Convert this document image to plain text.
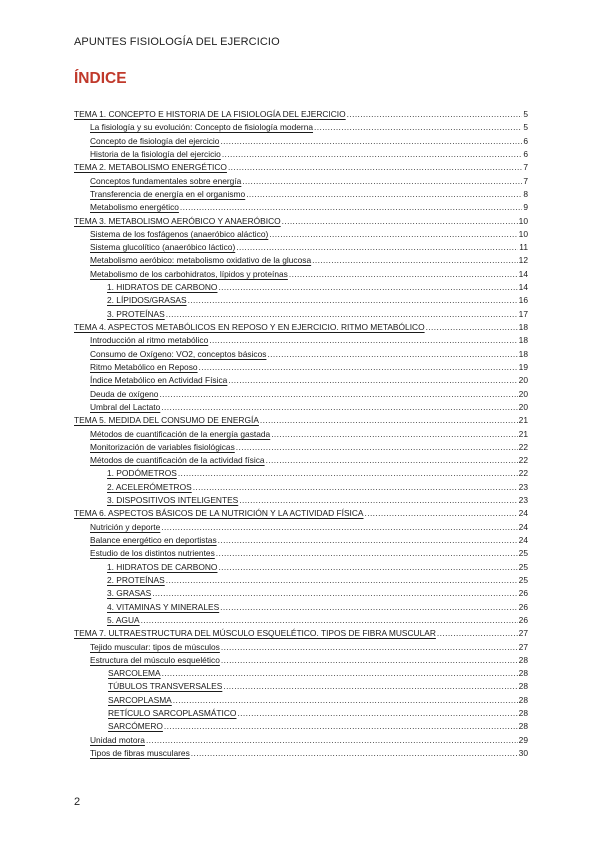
APUNTES FISIOLOGÍA DEL EJERCICIO
ÍNDICE
TEMA 1. CONCEPTO E HISTORIA DE LA FISIOLOGÍA DEL EJERCICIO .....	5
La fisiología y su evolución: Concepto de fisiología moderna .....	5
Concepto de fisiología del ejercicio .....	6
Historia de la fisiología del ejercicio .....	6
TEMA 2. METABOLISMO ENERGÉTICO .....	7
Conceptos fundamentales sobre energía .....	7
Transferencia de energía en el organismo .....	8
Metabolismo energético .....	9
TEMA 3. METABOLISMO AERÓBICO Y ANAERÓBICO .....	10
Sistema de los fosfágenos (anaeróbico aláctico) .....	10
Sistema glucolítico (anaeróbico láctico) .....	11
Metabolismo aeróbico: metabolismo oxidativo de la glucosa .....	12
Metabolismo de los carbohidratos, lípidos y proteínas .....	14
1. HIDRATOS DE CARBONO .....	14
2. LÍPIDOS/GRASAS .....	16
3. PROTEÍNAS .....	17
TEMA 4. ASPECTOS METABÓLICOS EN REPOSO Y EN EJERCICIO. RITMO METABÓLICO .....	18
Introducción al ritmo metabólico .....	18
Consumo de Oxígeno: VO2, conceptos básicos .....	18
Ritmo Metabólico en Reposo .....	19
Índice Metabólico en Actividad Física .....	20
Deuda de oxígeno .....	20
Umbral del Lactato .....	20
TEMA 5. MEDIDA DEL CONSUMO DE ENERGÍA .....	21
Métodos de cuantificación de la energía gastada .....	21
Monitorización de variables fisiológicas .....	22
Métodos de cuantificación de la actividad física .....	22
1. PODÓMETROS .....	22
2. ACELERÓMETROS .....	23
3. DISPOSITIVOS INTELIGENTES .....	23
TEMA 6. ASPECTOS BÁSICOS DE LA NUTRICIÓN Y LA ACTIVIDAD FÍSICA .....	24
Nutrición y deporte .....	24
Balance energético en deportistas .....	24
Estudio de los distintos nutrientes .....	25
1. HIDRATOS DE CARBONO .....	25
2. PROTEÍNAS .....	25
3. GRASAS .....	26
4. VITAMINAS Y MINERALES .....	26
5. AGUA .....	26
TEMA 7. ULTRAESTRUCTURA DEL MÚSCULO ESQUELÉTICO. TIPOS DE FIBRA MUSCULAR .....	27
Tejido muscular: tipos de músculos .....	27
Estructura del músculo esquelético .....	28
SARCOLEMA .....	28
TÚBULOS TRANSVERSALES .....	28
SARCOPLASMA .....	28
RETÍCULO SARCOPLASMÁTICO .....	28
SARCÓMERO .....	28
Unidad motora .....	29
Tipos de fibras musculares .....	30
2
